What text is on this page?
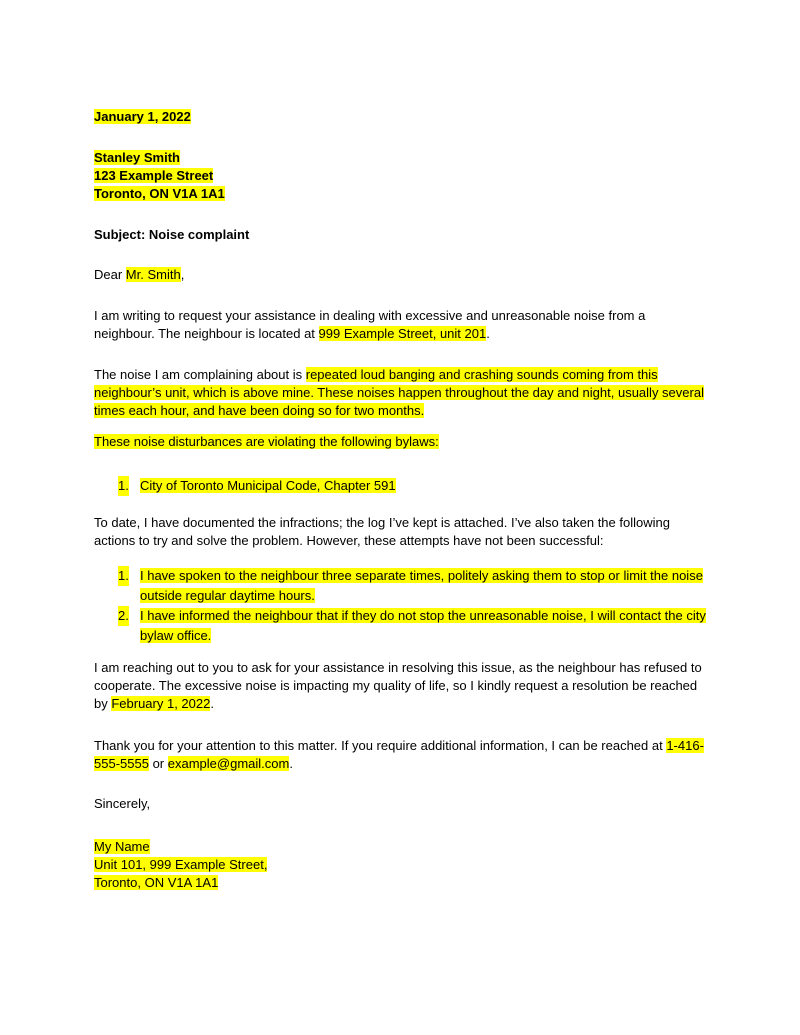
January 1, 2022
Stanley Smith
123 Example Street
Toronto, ON V1A 1A1
Subject: Noise complaint
Dear Mr. Smith,
I am writing to request your assistance in dealing with excessive and unreasonable noise from a neighbour. The neighbour is located at 999 Example Street, unit 201.
The noise I am complaining about is repeated loud banging and crashing sounds coming from this neighbour’s unit, which is above mine. These noises happen throughout the day and night, usually several times each hour, and have been doing so for two months.
These noise disturbances are violating the following bylaws:
1. City of Toronto Municipal Code, Chapter 591
To date, I have documented the infractions; the log I’ve kept is attached. I’ve also taken the following actions to try and solve the problem. However, these attempts have not been successful:
1. I have spoken to the neighbour three separate times, politely asking them to stop or limit the noise outside regular daytime hours.
2. I have informed the neighbour that if they do not stop the unreasonable noise, I will contact the city bylaw office.
I am reaching out to you to ask for your assistance in resolving this issue, as the neighbour has refused to cooperate. The excessive noise is impacting my quality of life, so I kindly request a resolution be reached by February 1, 2022.
Thank you for your attention to this matter. If you require additional information, I can be reached at 1-416-555-5555 or example@gmail.com.
Sincerely,
My Name
Unit 101, 999 Example Street,
Toronto, ON V1A 1A1
